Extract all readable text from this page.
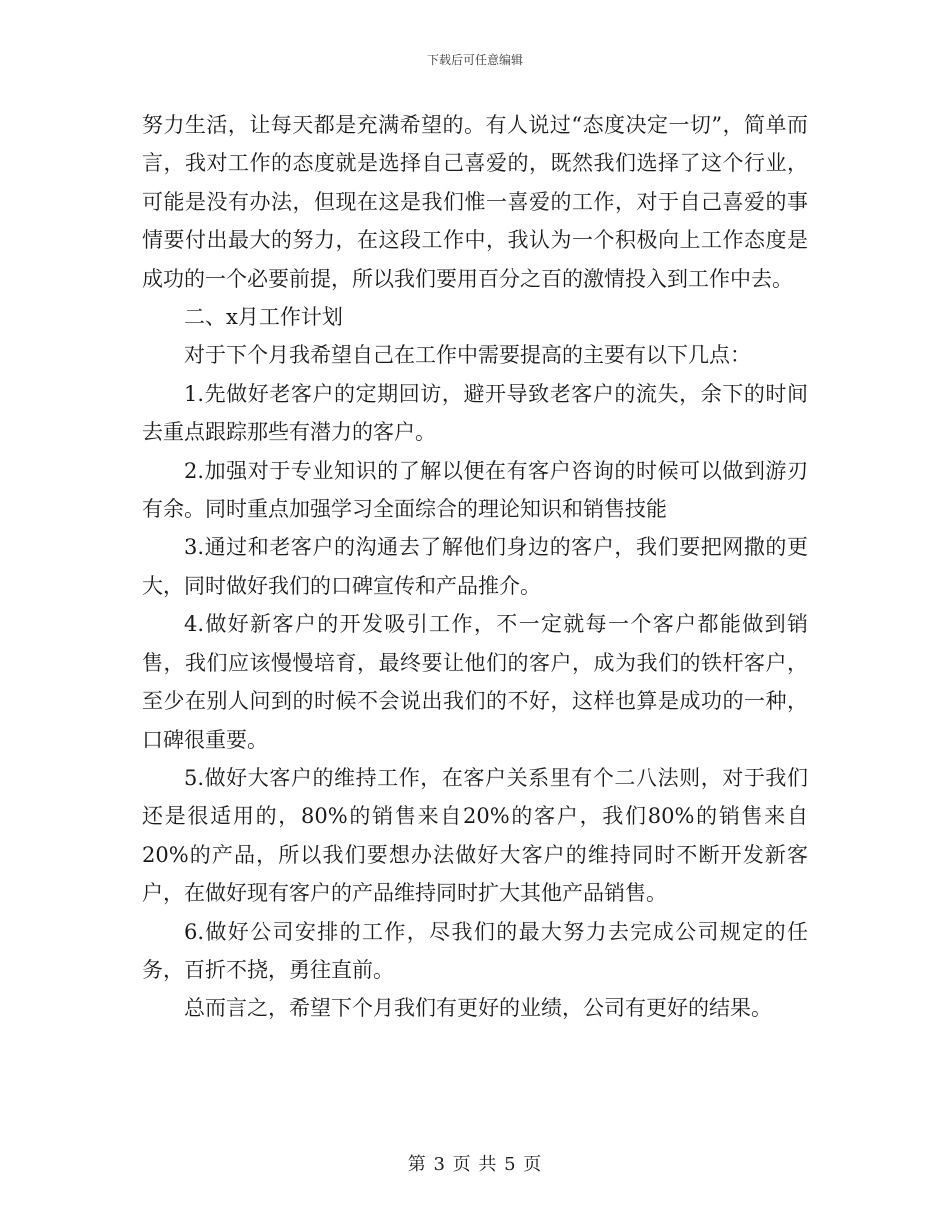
下载后可任意编辑

努力生活，让每天都是充满希望的。有人说过“态度决定一切”，简单而言，我对工作的态度就是选择自己喜爱的，既然我们选择了这个行业，可能是没有办法，但现在这是我们惟一喜爱的工作，对于自己喜爱的事情要付出最大的努力，在这段工作中，我认为一个积极向上工作态度是成功的一个必要前提，所以我们要用百分之百的激情投入到工作中去。

二、x月工作计划

对于下个月我希望自己在工作中需要提高的主要有以下几点：

1.先做好老客户的定期回访，避开导致老客户的流失，余下的时间去重点跟踪那些有潜力的客户。

2.加强对于专业知识的了解以便在有客户咨询的时候可以做到游刃有余。同时重点加强学习全面综合的理论知识和销售技能

3.通过和老客户的沟通去了解他们身边的客户，我们要把网撒的更大，同时做好我们的口碑宣传和产品推介。

4.做好新客户的开发吸引工作，不一定就每一个客户都能做到销售，我们应该慢慢培育，最终要让他们的客户，成为我们的铁杆客户，至少在别人问到的时候不会说出我们的不好，这样也算是成功的一种，口碑很重要。

5.做好大客户的维持工作，在客户关系里有个二八法则，对于我们还是很适用的，80%的销售来自20%的客户，我们80%的销售来自20%的产品，所以我们要想办法做好大客户的维持同时不断开发新客户，在做好现有客户的产品维持同时扩大其他产品销售。

6.做好公司安排的工作，尽我们的最大努力去完成公司规定的任务，百折不挠，勇往直前。

总而言之，希望下个月我们有更好的业绩，公司有更好的结果。

第 3 页 共 5 页
